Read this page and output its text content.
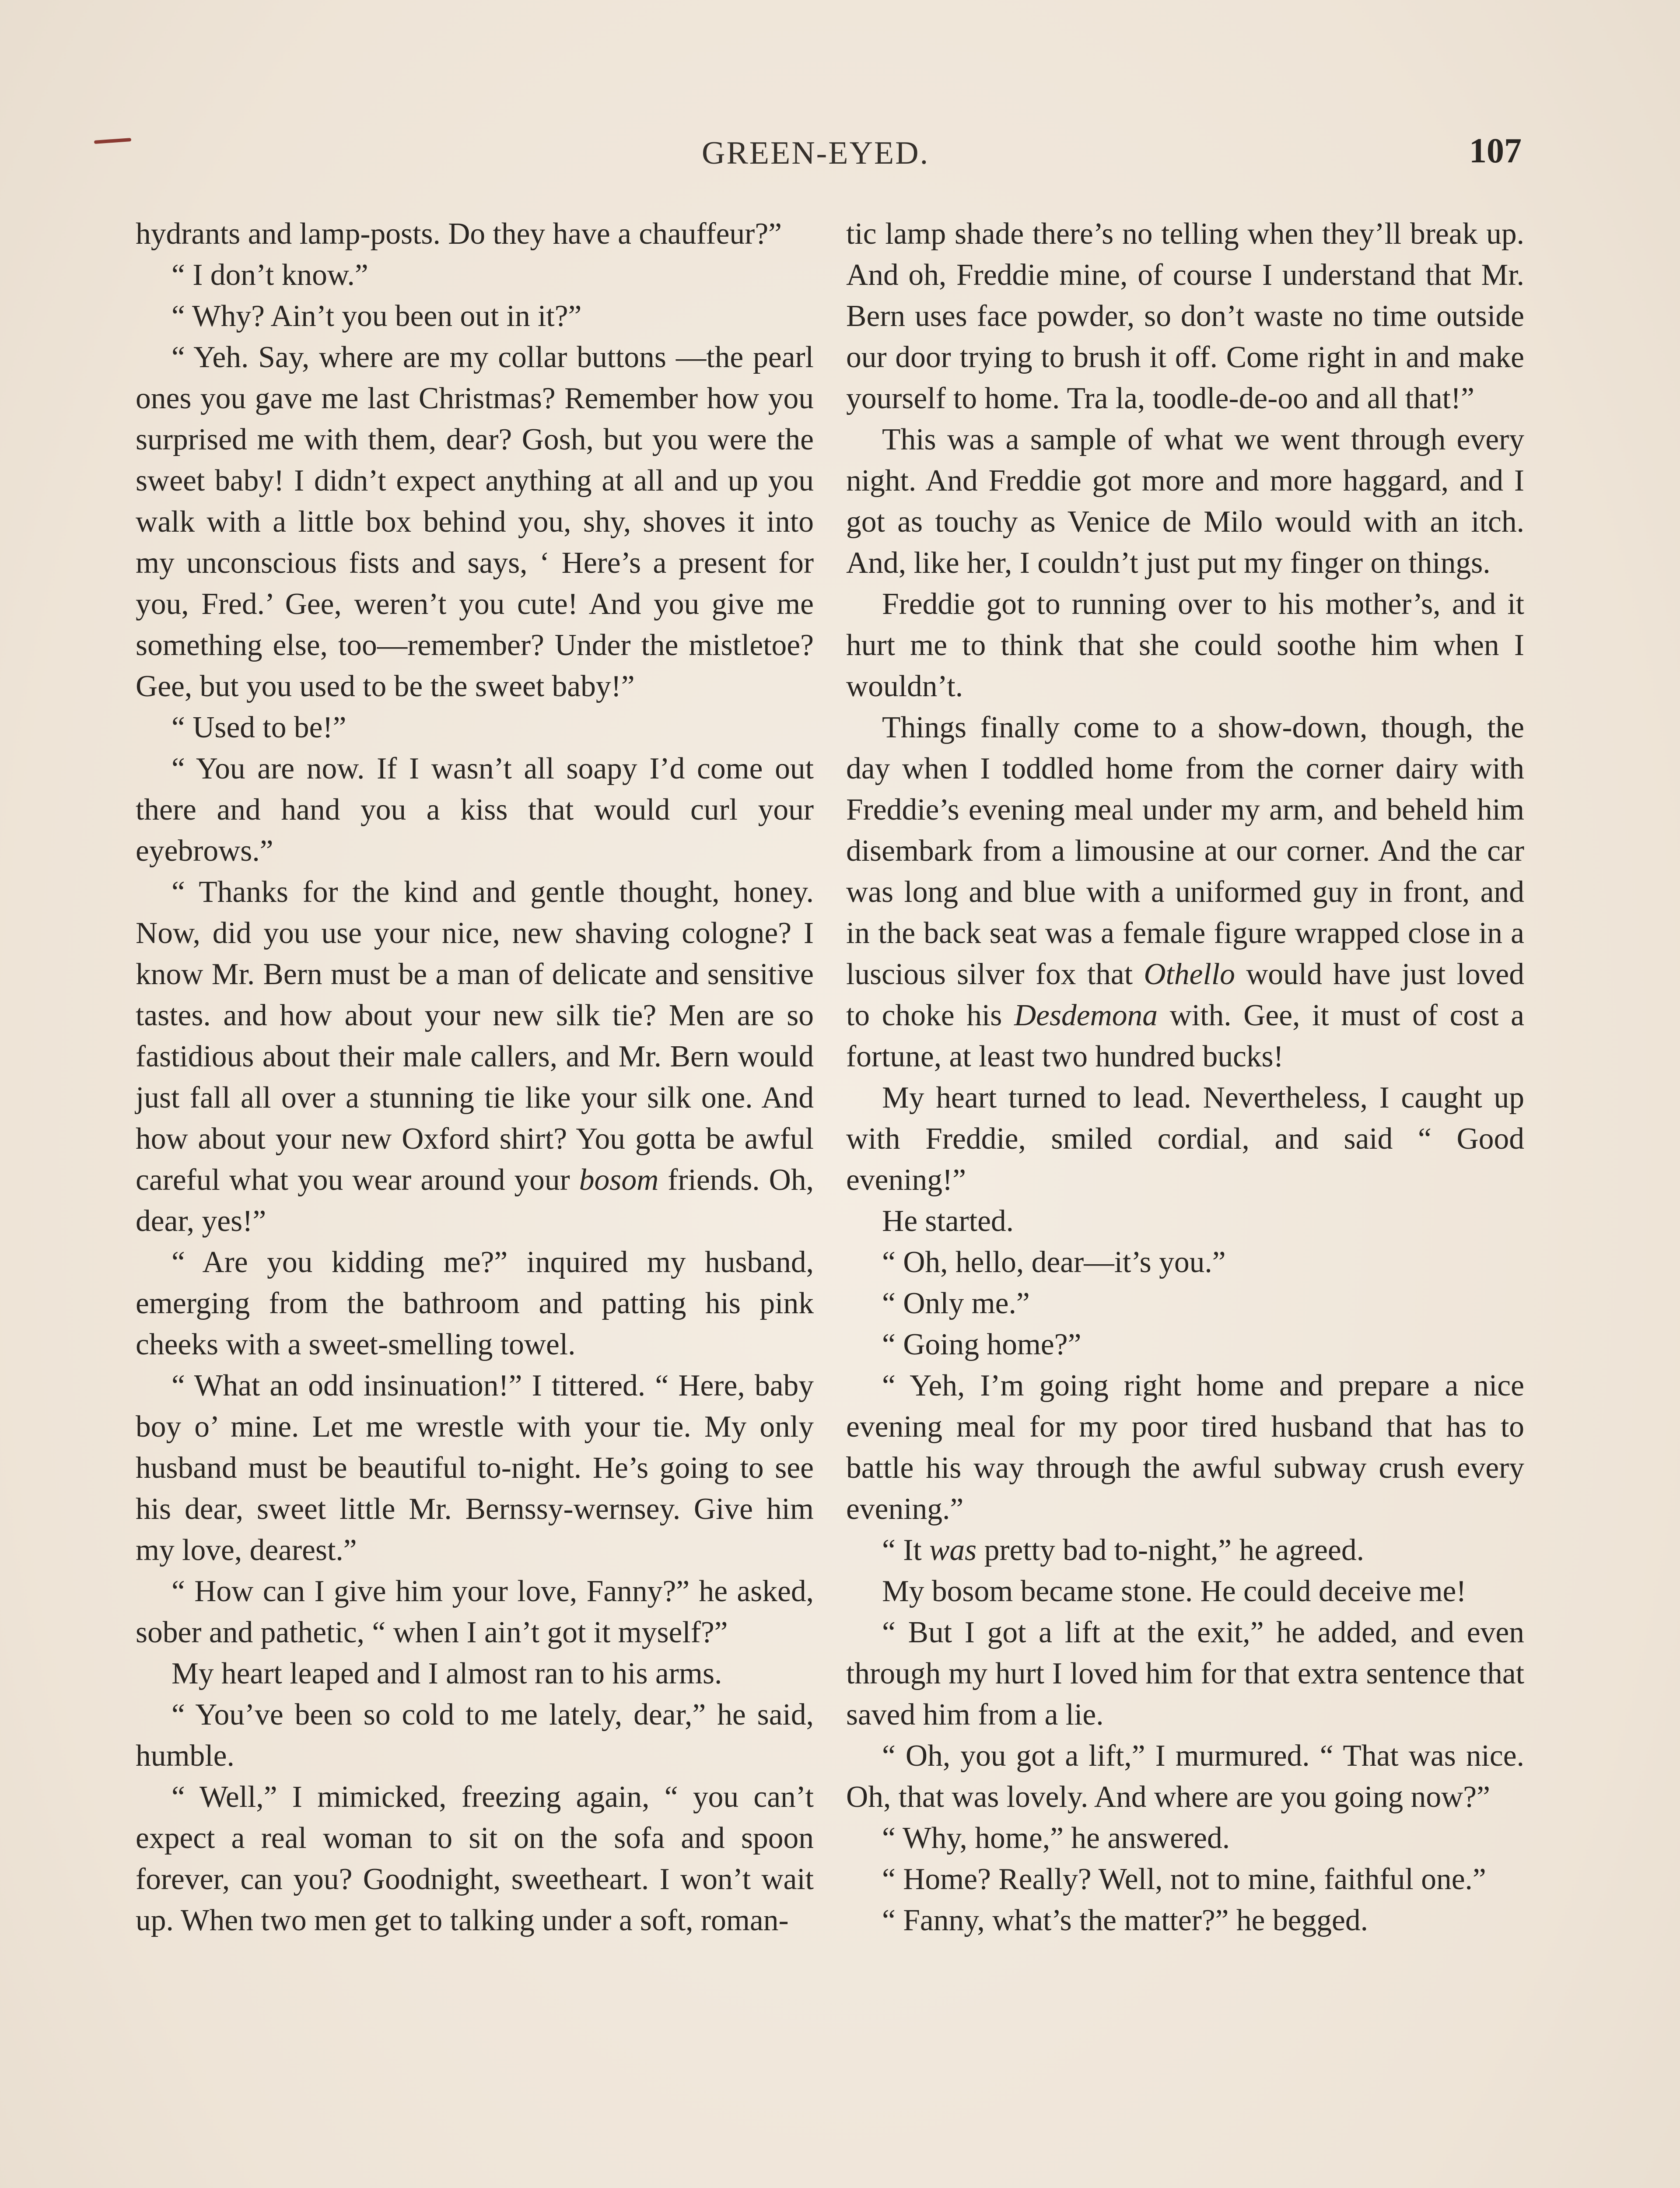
GREEN-EYED.	107

hydrants and lamp-posts. Do they have a chauffeur?”

“ I don’t know.”

“ Why? Ain’t you been out in it?”

“ Yeh. Say, where are my collar buttons —the pearl ones you gave me last Christmas? Remember how you surprised me with them, dear? Gosh, but you were the sweet baby! I didn’t expect anything at all and up you walk with a little box behind you, shy, shoves it into my unconscious fists and says, ‘ Here’s a present for you, Fred.’ Gee, weren’t you cute! And you give me something else, too—remember? Under the mistletoe? Gee, but you used to be the sweet baby!”

“ Used to be!”

“ You are now. If I wasn’t all soapy I’d come out there and hand you a kiss that would curl your eyebrows.”

“ Thanks for the kind and gentle thought, honey. Now, did you use your nice, new shaving cologne? I know Mr. Bern must be a man of delicate and sensitive tastes. and how about your new silk tie? Men are so fastidious about their male callers, and Mr. Bern would just fall all over a stunning tie like your silk one. And how about your new Oxford shirt? You gotta be awful careful what you wear around your bosom friends. Oh, dear, yes!”

“ Are you kidding me?” inquired my husband, emerging from the bathroom and patting his pink cheeks with a sweet-smelling towel.

“ What an odd insinuation!” I tittered. “ Here, baby boy o’ mine. Let me wrestle with your tie. My only husband must be beautiful to-night. He’s going to see his dear, sweet little Mr. Bernssy-wernsey. Give him my love, dearest.”

“ How can I give him your love, Fanny?” he asked, sober and pathetic, “ when I ain’t got it myself?”

My heart leaped and I almost ran to his arms.

“ You’ve been so cold to me lately, dear,” he said, humble.

“ Well,” I mimicked, freezing again, “ you can’t expect a real woman to sit on the sofa and spoon forever, can you? Goodnight, sweetheart. I won’t wait up. When two men get to talking under a soft, roman-

tic lamp shade there’s no telling when they’ll break up. And oh, Freddie mine, of course I understand that Mr. Bern uses face powder, so don’t waste no time outside our door trying to brush it off. Come right in and make yourself to home. Tra la, toodle-de-oo and all that!”

This was a sample of what we went through every night. And Freddie got more and more haggard, and I got as touchy as Venice de Milo would with an itch. And, like her, I couldn’t just put my finger on things.

Freddie got to running over to his mother’s, and it hurt me to think that she could soothe him when I wouldn’t.

Things finally come to a show-down, though, the day when I toddled home from the corner dairy with Freddie’s evening meal under my arm, and beheld him disembark from a limousine at our corner. And the car was long and blue with a uniformed guy in front, and in the back seat was a female figure wrapped close in a luscious silver fox that Othello would have just loved to choke his Desdemona with. Gee, it must of cost a fortune, at least two hundred bucks!

My heart turned to lead. Nevertheless, I caught up with Freddie, smiled cordial, and said “ Good evening!”

He started.

“ Oh, hello, dear—it’s you.”

“ Only me.”

“ Going home?”

“ Yeh, I’m going right home and prepare a nice evening meal for my poor tired husband that has to battle his way through the awful subway crush every evening.”

“ It was pretty bad to-night,” he agreed.

My bosom became stone. He could deceive me!

“ But I got a lift at the exit,” he added, and even through my hurt I loved him for that extra sentence that saved him from a lie.

“ Oh, you got a lift,” I murmured. “ That was nice. Oh, that was lovely. And where are you going now?”

“ Why, home,” he answered.

“ Home? Really? Well, not to mine, faithful one.”

“ Fanny, what’s the matter?” he begged.
